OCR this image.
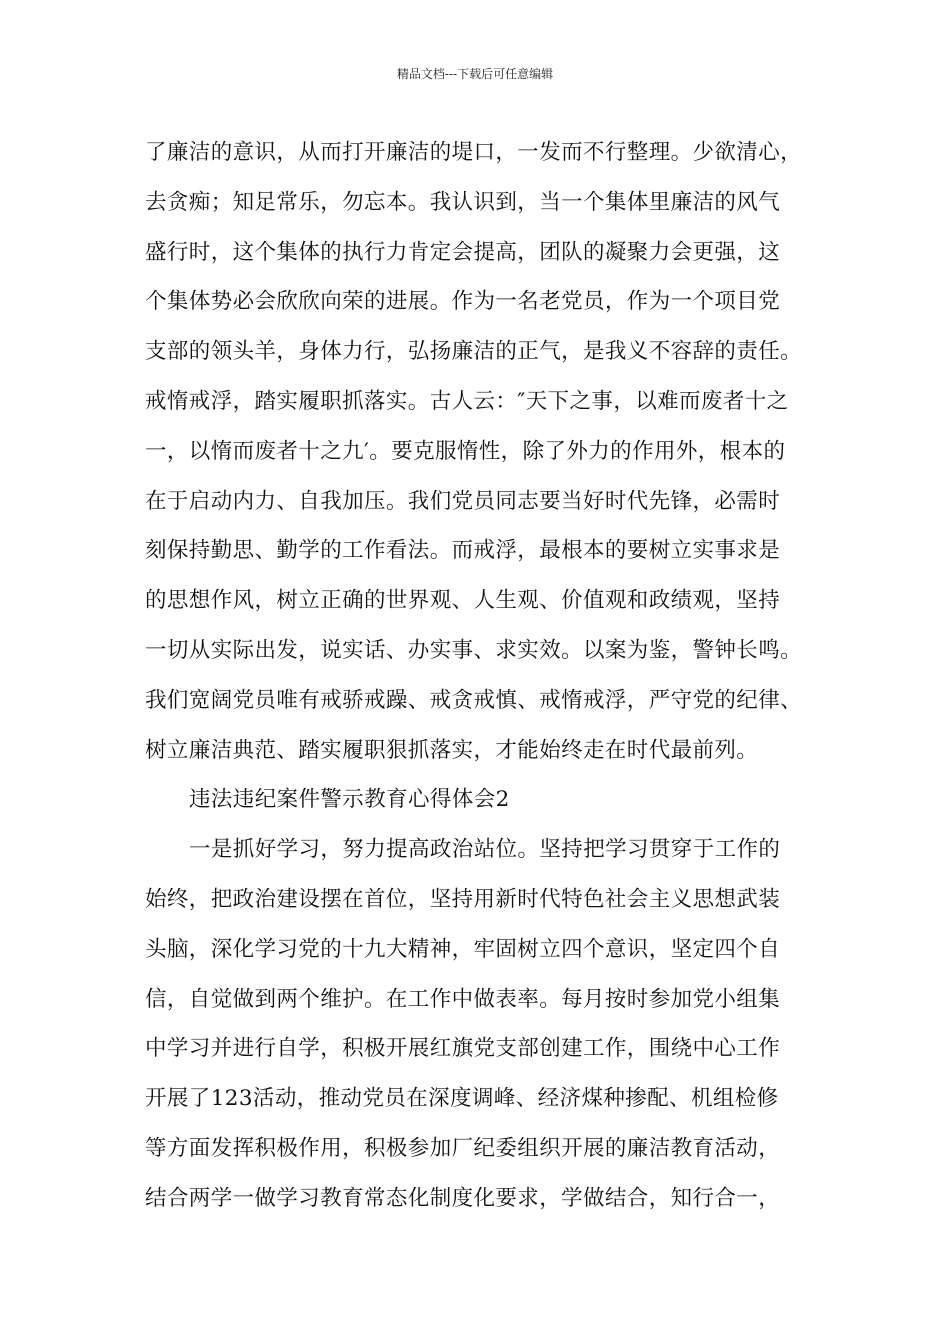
精品文档---下载后可任意编辑
了廉洁的意识，从而打开廉洁的堤口，一发而不行整理。少欲清心，
去贪痴；知足常乐，勿忘本。我认识到，当一个集体里廉洁的风气
盛行时，这个集体的执行力肯定会提高，团队的凝聚力会更强，这
个集体势必会欣欣向荣的进展。作为一名老党员，作为一个项目党
支部的领头羊，身体力行，弘扬廉洁的正气，是我义不容辞的责任。
戒惰戒浮，踏实履职抓落实。古人云：″天下之事，以难而废者十之
一，以惰而废者十之九′。要克服惰性，除了外力的作用外，根本的
在于启动内力、自我加压。我们党员同志要当好时代先锋，必需时
刻保持勤思、勤学的工作看法。而戒浮，最根本的要树立实事求是
的思想作风，树立正确的世界观、人生观、价值观和政绩观，坚持
一切从实际出发，说实话、办实事、求实效。以案为鉴，警钟长鸣。
我们宽阔党员唯有戒骄戒躁、戒贪戒慎、戒惰戒浮，严守党的纪律、
树立廉洁典范、踏实履职狠抓落实，才能始终走在时代最前列。
违法违纪案件警示教育心得体会2
一是抓好学习，努力提高政治站位。坚持把学习贯穿于工作的
始终，把政治建设摆在首位，坚持用新时代特色社会主义思想武装
头脑，深化学习党的十九大精神，牢固树立四个意识，坚定四个自
信，自觉做到两个维护。在工作中做表率。每月按时参加党小组集
中学习并进行自学，积极开展红旗党支部创建工作，围绕中心工作
开展了123活动，推动党员在深度调峰、经济煤种掺配、机组检修
等方面发挥积极作用，积极参加厂纪委组织开展的廉洁教育活动，
结合两学一做学习教育常态化制度化要求，学做结合，知行合一，
